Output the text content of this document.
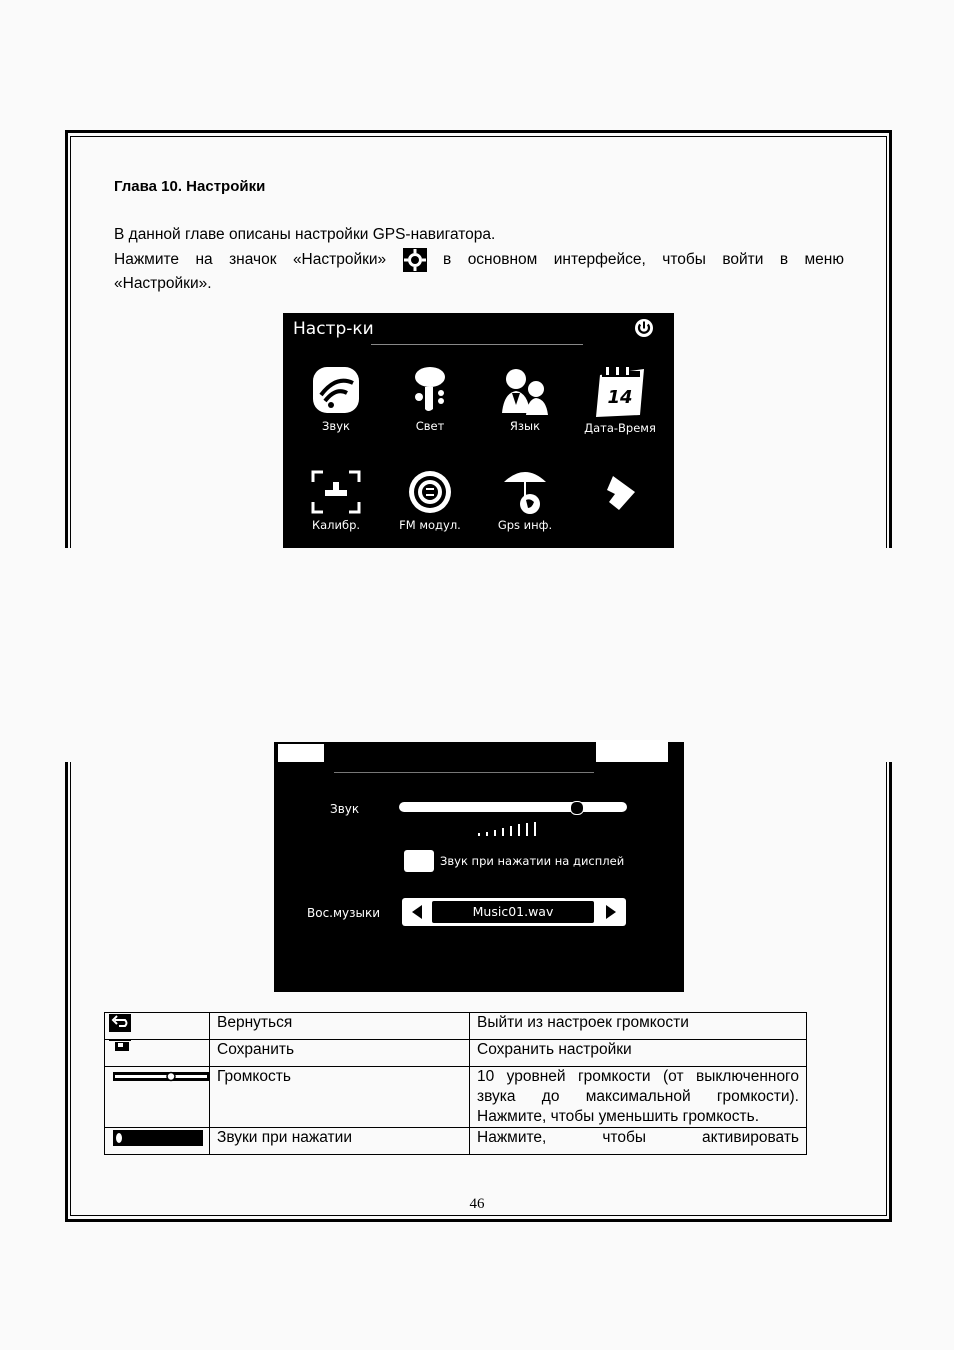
Глава 10. Настройки
В данной главе описаны настройки GPS-навигатора.
Нажмите на значок «Настройки»	в основном интерфейсе, чтобы войти в меню
«Настройки».
Настр-ки
Звук	Свет	Язык
14
Дата-Время
Калибр.	FM модул.	Gps инф.
Звук
Звук при нажатии на дисплей
Вос.музыки	Music01.wav
	Вернуться	Выйти из настроек громкости
	Сохранить	Сохранить настройки
	Громкость	10 уровней громкости (от выключенного звука до максимальной громкости). Нажмите, чтобы уменьшить громкость.
	Звуки при нажатии	Нажмите, чтобы активировать
46
